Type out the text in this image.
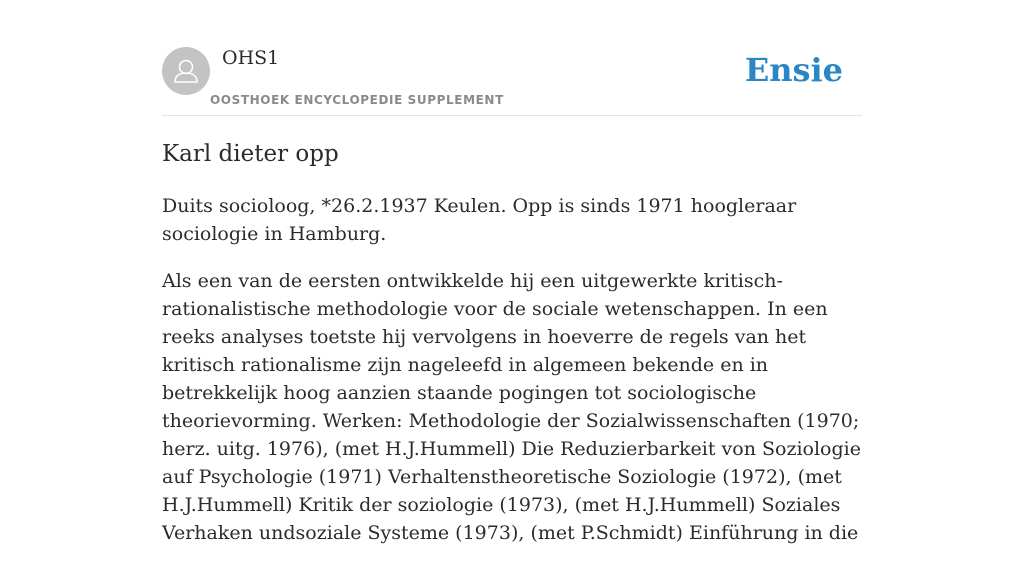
OHS1
OOSTHOEK ENCYCLOPEDIE SUPPLEMENT
Ensie
Karl dieter opp

Duits socioloog, *26.2.1937 Keulen. Opp is sinds 1971 hoogleraar sociologie in Hamburg.

Als een van de eersten ontwikkelde hij een uitgewerkte kritisch-rationalistische methodologie voor de sociale wetenschappen. In een reeks analyses toetste hij vervolgens in hoeverre de regels van het kritisch rationalisme zijn nageleefd in algemeen bekende en in betrekkelijk hoog aanzien staande pogingen tot sociologische theorievorming. Werken: Methodologie der Sozialwissenschaften (1970; herz. uitg. 1976), (met H.J.Hummell) Die Reduzierbarkeit von Soziologie auf Psychologie (1971) Verhaltenstheoretische Soziologie (1972), (met H.J.Hummell) Kritik der soziologie (1973), (met H.J.Hummell) Soziales Verhaken undsoziale Systeme (1973), (met P.Schmidt) Einführung in die
